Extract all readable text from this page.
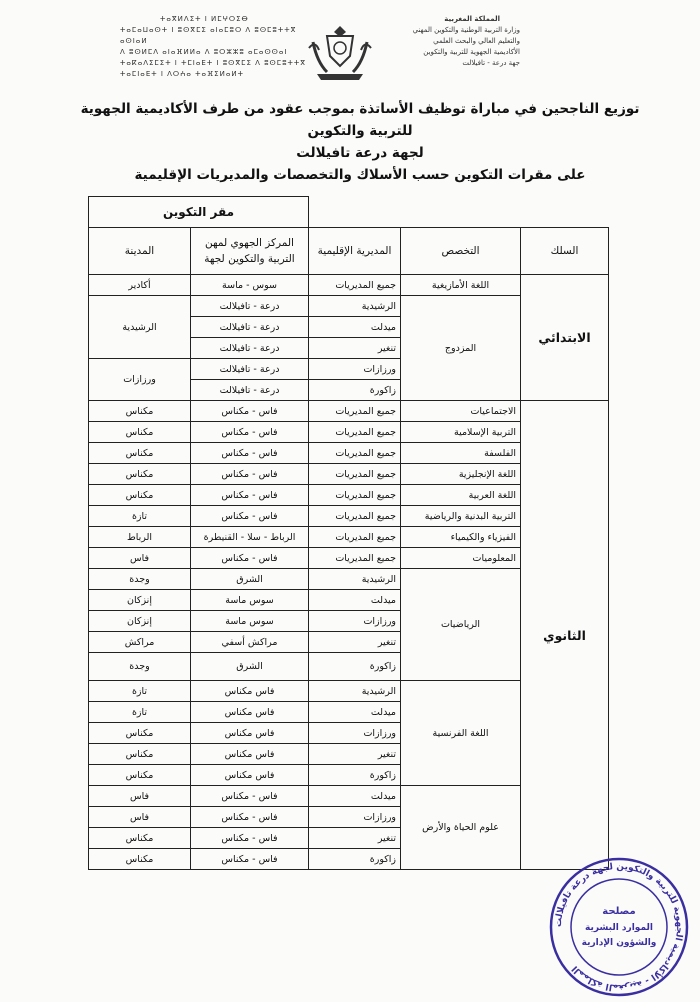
ⵜⴰⴳⵍⴷⵉⵜ ⵏ ⵍⵎⵖⵔⵉⴱ
ⵜⴰⵎⴰⵡⴰⵙⵜ ⵏ ⵓⵙⴳⵎⵉ ⴰⵏⴰⵎⵓⵔ ⴷ ⵓⵙⵎⵓⵜⵜⴳ ⴰⵙⵏⴰⵍ
ⴷ ⵓⵙⵍⵎⴷ ⴰⵏⴰⴼⵍⵍⴰ ⴷ ⵓⵔⵣⵣⵓ ⴰⵎⴰⵙⵙⴰⵏ
ⵜⴰⴽⴰⴷⵉⵎⵉⵜ ⵏ ⵜⵎⵏⴰⴹⵜ ⵏ ⵓⵙⴳⵎⵉ ⴷ ⵓⵙⵎⵓⵜⵜⴳ
ⵜⴰⵎⵏⴰⴹⵜ ⵏ ⴷⵔⵄⴰ ⵜⴰⴼⵉⵍⴰⵍⵜ
المملكة المغربية
وزارة التربية الوطنية والتكوين المهني
والتعليم العالي والبحث العلمي
الأكاديمية الجهوية للتربية والتكوين
جهة درعة - تافيلالت
توزيع الناجحين في مباراة توظيف الأساتذة بموجب عقود من طرف الأكاديمية الجهوية للتربية والتكوين
لجهة درعة تافيلالت
على مقرات التكوين حسب الأسلاك والتخصصات والمديريات الإقليمية
			مقر التكوين	
السلك	التخصص	المديرية الإقليمية	المركز الجهوي لمهن التربية والتكوين لجهة	المدينة
الابتدائي	اللغة الأمازيغية	جميع المديريات	سوس - ماسة	أكادير
	المزدوج	الرشيدية	درعة - تافيلالت	الرشيدية
		ميدلت	درعة - تافيلالت	
		تنغير	درعة - تافيلالت	
		ورزازات	درعة - تافيلالت	ورزازات
		زاكورة	درعة - تافيلالت	
الثانوي	الاجتماعيات	جميع المديريات	فاس - مكناس	مكناس
	التربية الإسلامية	جميع المديريات	فاس - مكناس	مكناس
	الفلسفة	جميع المديريات	فاس - مكناس	مكناس
	اللغة الإنجليزية	جميع المديريات	فاس - مكناس	مكناس
	اللغة العربية	جميع المديريات	فاس - مكناس	مكناس
	التربية البدنية والرياضية	جميع المديريات	فاس - مكناس	تازة
	الفيزياء والكيمياء	جميع المديريات	الرباط - سلا - القنيطرة	الرباط
	المعلوميات	جميع المديريات	فاس - مكناس	فاس
	الرياضيات	الرشيدية	الشرق	وجدة
		ميدلت	سوس ماسة	إنزكان
		ورزازات	سوس ماسة	إنزكان
		تنغير	مراكش أسفي	مراكش
		زاكورة	الشرق	وجدة
	اللغة الفرنسية	الرشيدية	فاس مكناس	تازة
		ميدلت	فاس مكناس	تازة
		ورزازات	فاس مكناس	مكناس
		تنغير	فاس مكناس	مكناس
		زاكورة	فاس مكناس	مكناس
	علوم الحياة والأرض	ميدلت	فاس - مكناس	فاس
		ورزازات	فاس - مكناس	فاس
		تنغير	فاس - مكناس	مكناس
		زاكورة	فاس - مكناس	مكناس
المملكة المغربية - الأكاديمية الجهوية للتربية والتكوين لجهة درعة تافيلالت
مصلحة
الموارد البشرية
والشؤون الإدارية
